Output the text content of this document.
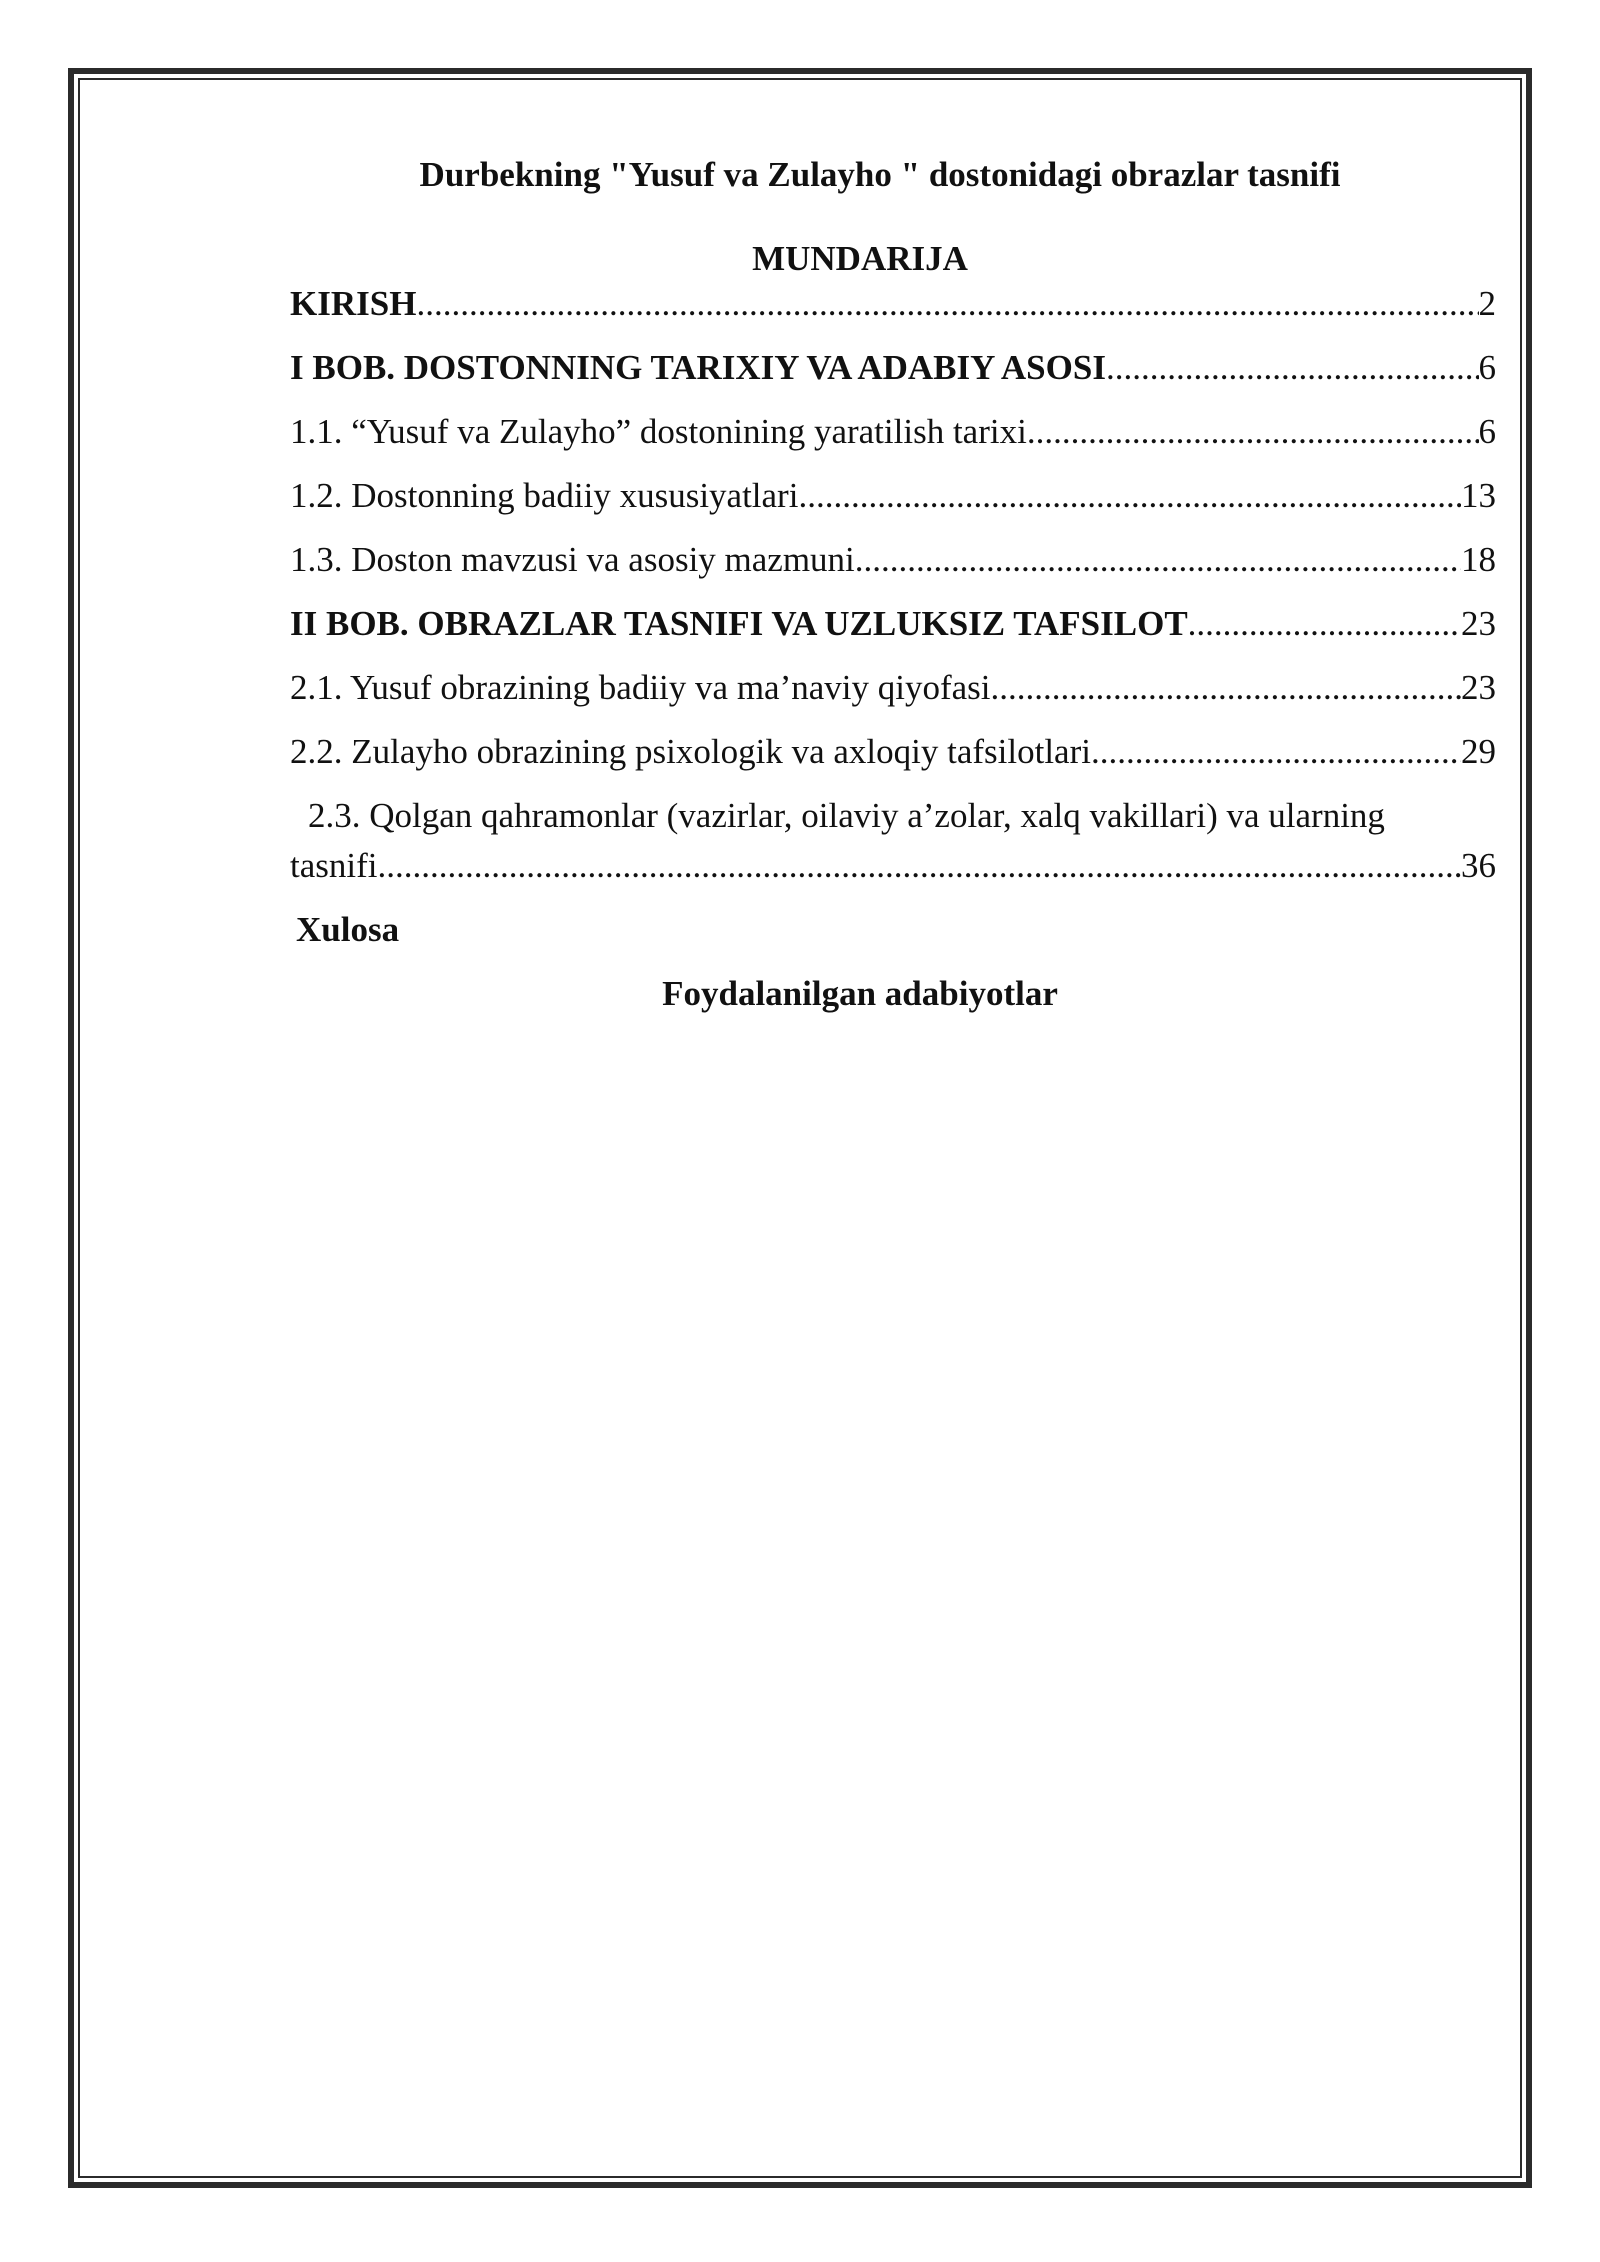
Durbekning "Yusuf va Zulayho " dostonidagi obrazlar tasnifi
MUNDARIJA
KIRISH .....	2
I BOB. DOSTONNING TARIXIY VA ADABIY ASOSI .....	6
1.1. “Yusuf va Zulayho” dostonining yaratilish tarixi .....	6
1.2. Dostonning badiiy xususiyatlari .....	13
1.3. Doston mavzusi va asosiy mazmuni .....	18
II BOB. OBRAZLAR TASNIFI VA UZLUKSIZ TAFSILOT .....	23
2.1. Yusuf obrazining badiiy va ma’naviy qiyofasi .....	23
2.2. Zulayho obrazining psixologik va axloqiy tafsilotlari .....	29
2.3. Qolgan qahramonlar (vazirlar, oilaviy a’zolar, xalq vakillari) va ularning
tasnifi .....	36
Xulosa
Foydalanilgan adabiyotlar
